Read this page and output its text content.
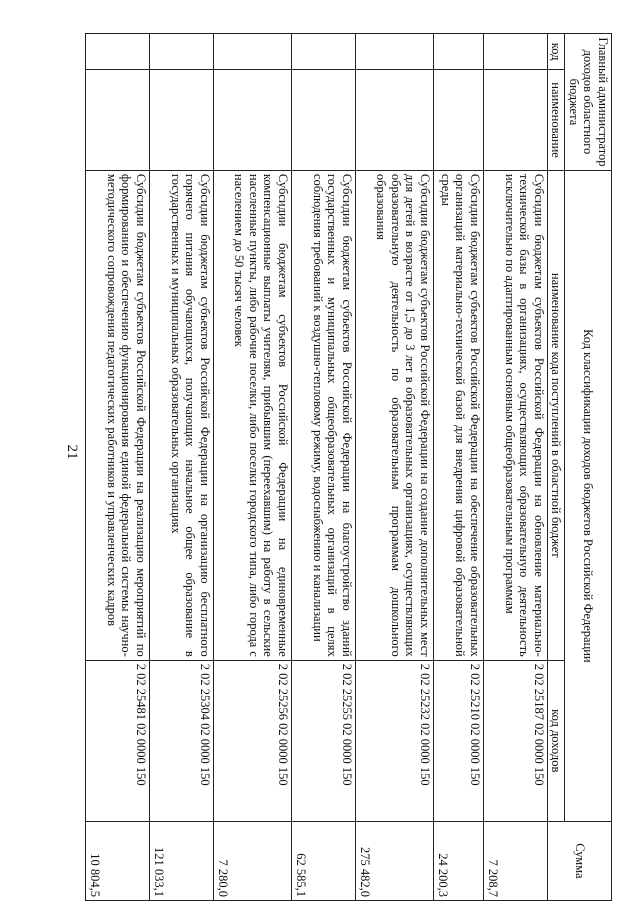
21
Главный администратор доходов областного бюджета		Код классификации доходов бюджетов Российской Федерации		Сумма
код	наименование	наименование кода поступлений в областной бюджет	код доходов	

		Субсидии бюджетам субъектов Российской Федерации на обновление материально-технической базы в организациях, осуществляющих образовательную деятельность исключительно по адаптированным основным общеобразовательным программам	2 02 25187 02 0000 150	7 208,7
		Субсидии бюджетам субъектов Российской Федерации на обеспечение образовательных организаций материально-технической базой для внедрения цифровой образовательной среды	2 02 25210 02 0000 150	24 200,3
		Субсидии бюджетам субъектов Российской Федерации на создание дополнительных мест для детей в возрасте от 1,5 до 3 лет в образовательных организациях, осуществляющих образовательную деятельность по образовательным программам дошкольного образования	2 02 25232 02 0000 150	275 482,0
		Субсидии бюджетам субъектов Российской Федерации на благоустройство зданий государственных и муниципальных общеобразовательных организаций в целях соблюдения требований к воздушно-тепловому режиму, водоснабжению и канализации	2 02 25255 02 0000 150	62 585,1
		Субсидии бюджетам субъектов Российской Федерации на единовременные компенсационные выплаты учителям, прибывшим (переехавшим) на работу в сельские населенные пункты, либо рабочие поселки, либо поселки городского типа, либо города с населением до 50 тысяч человек	2 02 25256 02 0000 150	7 280,0
		Субсидии бюджетам субъектов Российской Федерации на организацию бесплатного горячего питания обучающихся, получающих начальное общее образование в государственных и муниципальных образовательных организациях	2 02 25304 02 0000 150	121 033,1
		Субсидии бюджетам субъектов Российской Федерации на реализацию мероприятий по формированию и обеспечению функционирования единой федеральной системы научно-методического сопровождения педагогических работников и управленческих кадров	2 02 25481 02 0000 150	10 804,5
